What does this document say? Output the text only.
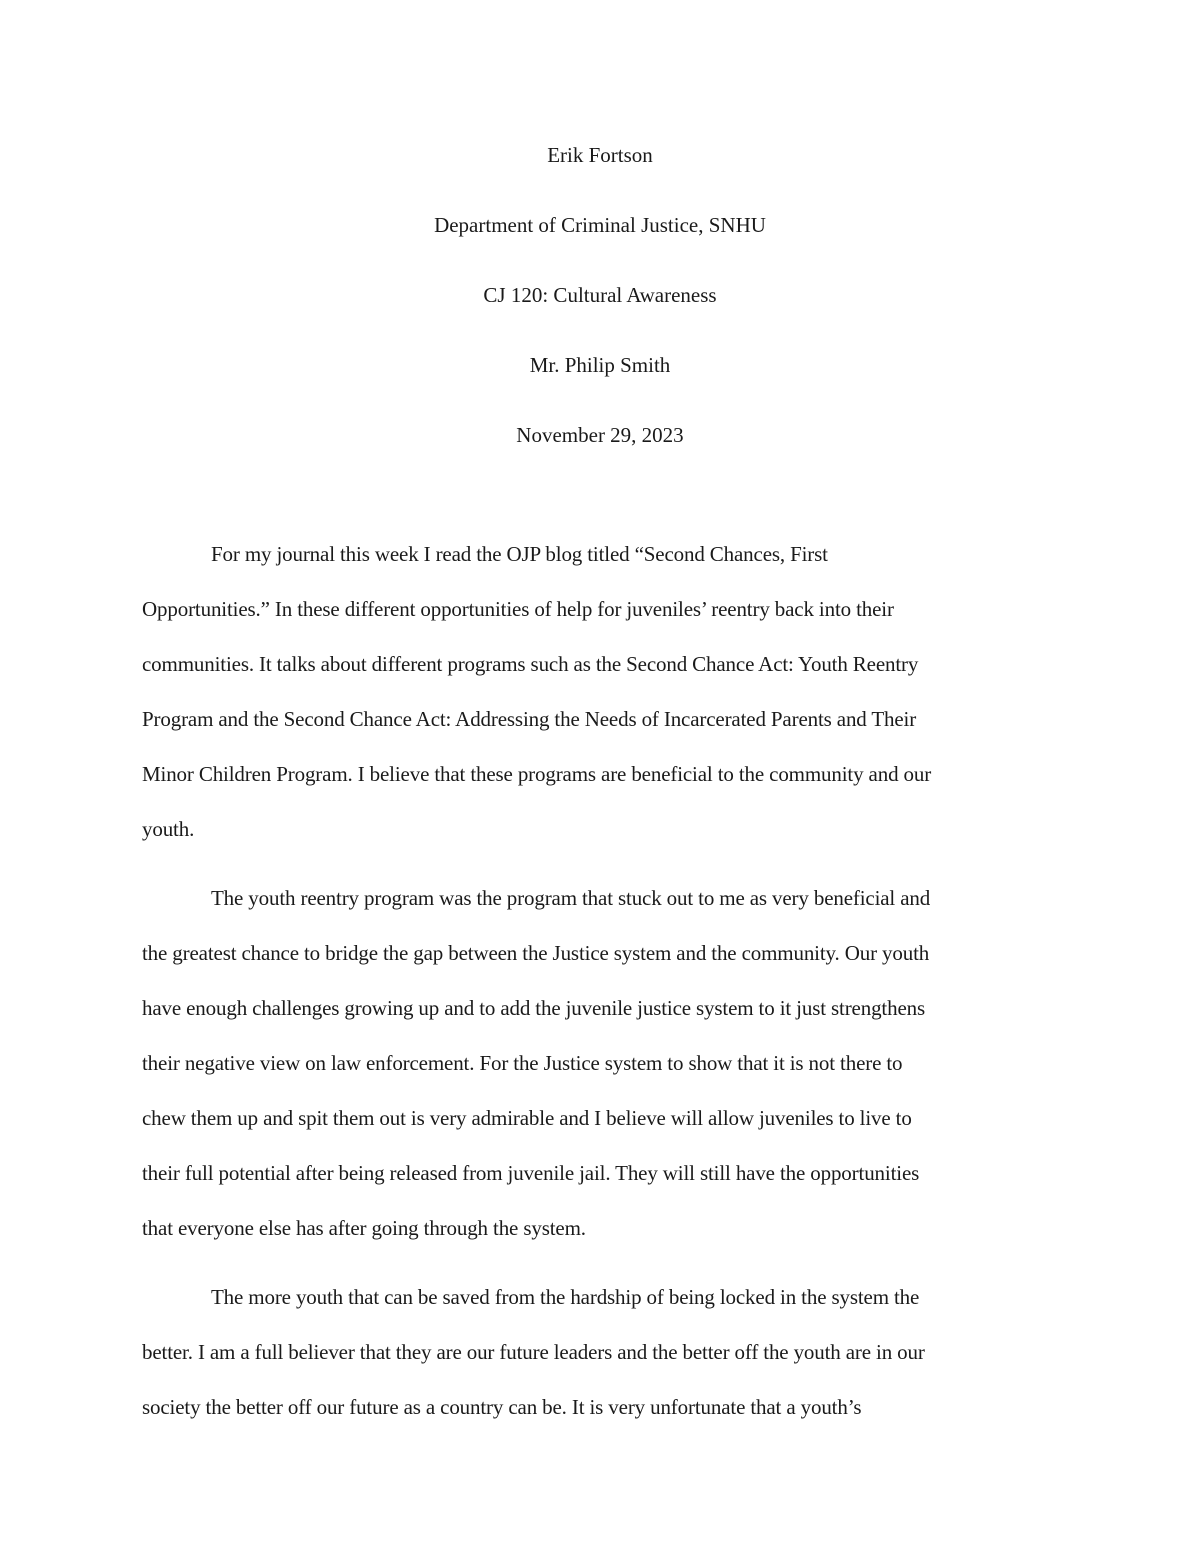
Erik Fortson
Department of Criminal Justice, SNHU
CJ 120: Cultural Awareness
Mr. Philip Smith
November 29, 2023
For my journal this week I read the OJP blog titled “Second Chances, First
Opportunities.” In these different opportunities of help for juveniles’ reentry back into their
communities. It talks about different programs such as the Second Chance Act: Youth Reentry
Program and the Second Chance Act: Addressing the Needs of Incarcerated Parents and Their
Minor Children Program. I believe that these programs are beneficial to the community and our
youth.
The youth reentry program was the program that stuck out to me as very beneficial and
the greatest chance to bridge the gap between the Justice system and the community. Our youth
have enough challenges growing up and to add the juvenile justice system to it just strengthens
their negative view on law enforcement. For the Justice system to show that it is not there to
chew them up and spit them out is very admirable and I believe will allow juveniles to live to
their full potential after being released from juvenile jail. They will still have the opportunities
that everyone else has after going through the system.
The more youth that can be saved from the hardship of being locked in the system the
better. I am a full believer that they are our future leaders and the better off the youth are in our
society the better off our future as a country can be. It is very unfortunate that a youth’s
